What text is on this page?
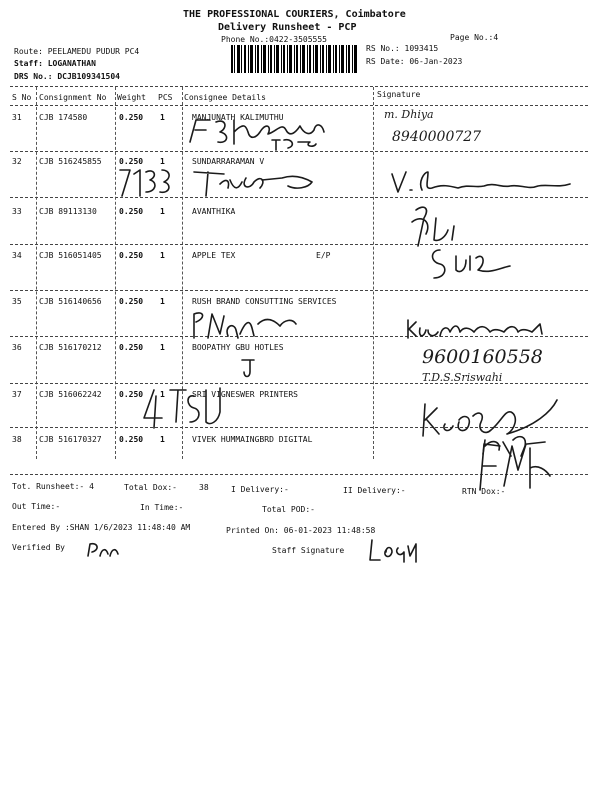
THE PROFESSIONAL COURIERS, Coimbatore
Delivery Runsheet - PCP
Phone No.:0422-3505555	Page No.:4
Route: PEELAMEDU PUDUR PC4
Staff: LOGANATHAN
DRS No.: DCJB109341504
RS No.: 1093415
RS Date: 06-Jan-2023
S No Consignment No Weight PCS Consignee Details	Signature
31 CJB 174580	0.250 1	MANJUNATH KALIMUTHU
32 CJB 516245855 0.250 1	SUNDARRARAMAN V
33 CJB 89113130	0.250 1	AVANTHIKA
34 CJB 516051405 0.250 1	APPLE TEX	E/P
35 CJB 516140656 0.250 1	RUSH BRAND CONSUTTING SERVICES
36 CJB 516170212 0.250 1	BOOPATHY GBU HOTLES
37 CJB 516062242 0.250 1	SRI VIGNESWER PRINTERS
38 CJB 516170327 0.250 1	VIVEK HUMMAINGBRD DIGITAL
Tot. Runsheet:- 4	Total Dox:-	38	I Delivery:-	II Delivery:-	RTN Dox:-
Out Time:-	In Time:-	Total POD:-
Entered By :SHAN 1/6/2023 11:48:40 AM	Printed On: 06-01-2023 11:48:58
Verified By	Staff Signature
m. Dhiya
8940000727
9600160558
T.D.S.Sriswahi
